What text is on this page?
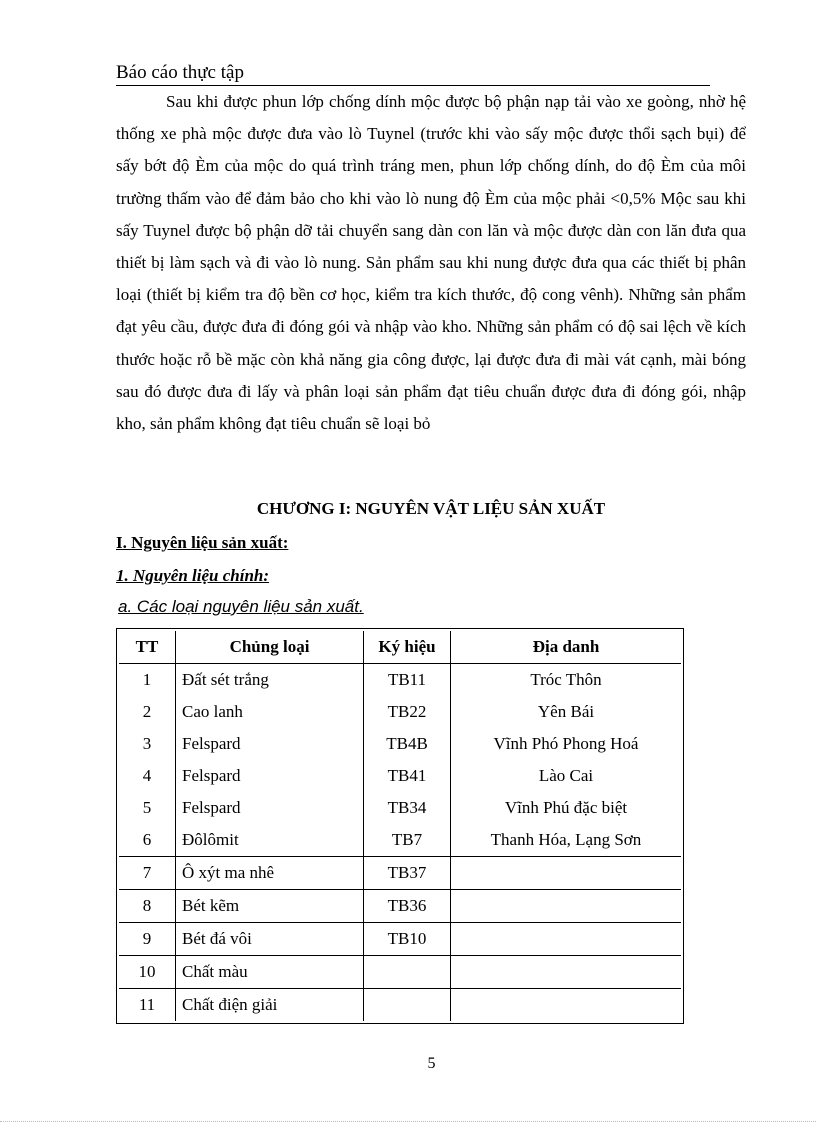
Báo cáo thực tập

Sau khi được phun lớp chống dính mộc được bộ phận nạp tải vào xe goòng, nhờ hệ thống xe phà mộc được đưa vào lò Tuynel (trước khi vào sấy mộc được thổi sạch bụi) để sấy bớt độ Èm của mộc do quá trình tráng men, phun lớp chống dính, do độ Èm của môi trường thấm vào để đảm bảo cho khi vào lò nung độ Èm của mộc phải <0,5% Mộc sau khi sấy Tuynel được bộ phận dỡ tải chuyển sang dàn con lăn và mộc được dàn con lăn đưa qua thiết bị làm sạch và đi vào lò nung. Sản phẩm sau khi nung được đưa qua các thiết bị phân loại (thiết bị kiểm tra độ bền cơ học, kiểm tra kích thước, độ cong vênh). Những sản phẩm đạt yêu cầu, được đưa đi đóng gói và nhập vào kho. Những sản phẩm có độ sai lệch về kích thước hoặc rỗ bề mặc còn khả năng gia công được, lại được đưa đi mài vát cạnh, mài bóng sau đó được đưa đi lấy và phân loại sản phẩm đạt tiêu chuẩn được đưa đi đóng gói, nhập kho, sản phẩm không đạt tiêu chuẩn sẽ loại bỏ

CHƯƠNG I: NGUYÊN VẬT LIỆU SẢN XUẤT
I. Nguyên liệu sản xuất:
1. Nguyên liệu chính:
a. Các loại nguyên liệu sản xuất.
TT	Chủng loại	Ký hiệu	Địa danh
1	Đất sét trắng	TB11	Tróc Thôn
2	Cao lanh	TB22	Yên Bái
3	Felspard	TB4B	Vĩnh Phó Phong Hoá
4	Felspard	TB41	Lào Cai
5	Felspard	TB34	Vĩnh Phú đặc biệt
6	Đôlômit	TB7	Thanh Hóa, Lạng Sơn
7	Ô xýt ma nhê	TB37	
8	Bét kẽm	TB36	
9	Bét đá vôi	TB10	
10	Chất màu		
11	Chất điện giải		
5
